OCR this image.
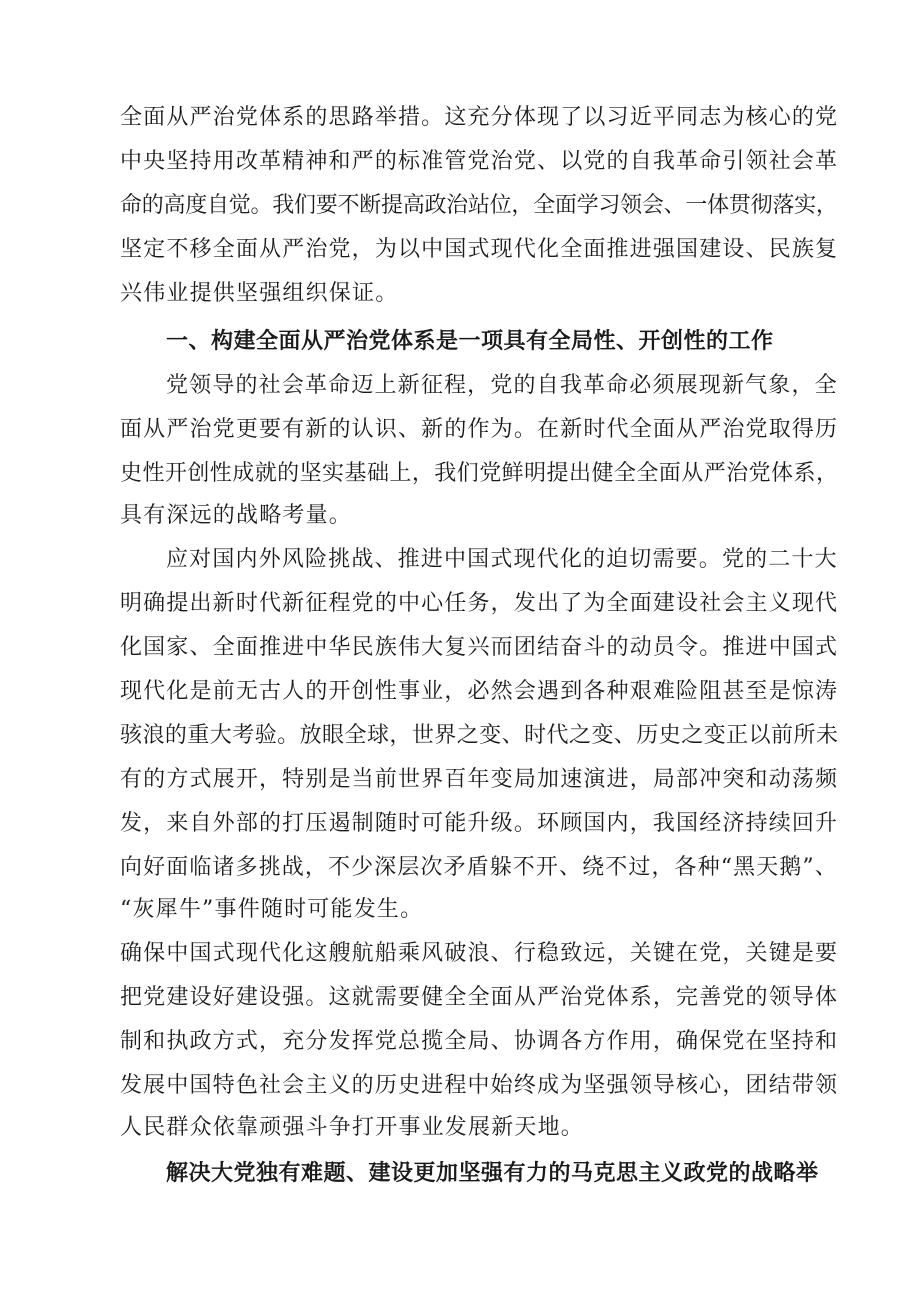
全面从严治党体系的思路举措。这充分体现了以习近平同志为核心的党
中央坚持用改革精神和严的标准管党治党、以党的自我革命引领社会革
命的高度自觉。我们要不断提高政治站位，全面学习领会、一体贯彻落实，
坚定不移全面从严治党，为以中国式现代化全面推进强国建设、民族复
兴伟业提供坚强组织保证。
一、构建全面从严治党体系是一项具有全局性、开创性的工作
党领导的社会革命迈上新征程，党的自我革命必须展现新气象，全
面从严治党更要有新的认识、新的作为。在新时代全面从严治党取得历
史性开创性成就的坚实基础上，我们党鲜明提出健全全面从严治党体系，
具有深远的战略考量。
应对国内外风险挑战、推进中国式现代化的迫切需要。党的二十大
明确提出新时代新征程党的中心任务，发出了为全面建设社会主义现代
化国家、全面推进中华民族伟大复兴而团结奋斗的动员令。推进中国式
现代化是前无古人的开创性事业，必然会遇到各种艰难险阻甚至是惊涛
骇浪的重大考验。放眼全球，世界之变、时代之变、历史之变正以前所未
有的方式展开，特别是当前世界百年变局加速演进，局部冲突和动荡频
发，来自外部的打压遏制随时可能升级。环顾国内，我国经济持续回升
向好面临诸多挑战，不少深层次矛盾躲不开、绕不过，各种“黑天鹅”、
“灰犀牛”事件随时可能发生。
确保中国式现代化这艘航船乘风破浪、行稳致远，关键在党，关键是要
把党建设好建设强。这就需要健全全面从严治党体系，完善党的领导体
制和执政方式，充分发挥党总揽全局、协调各方作用，确保党在坚持和
发展中国特色社会主义的历史进程中始终成为坚强领导核心，团结带领
人民群众依靠顽强斗争打开事业发展新天地。
解决大党独有难题、建设更加坚强有力的马克思主义政党的战略举
